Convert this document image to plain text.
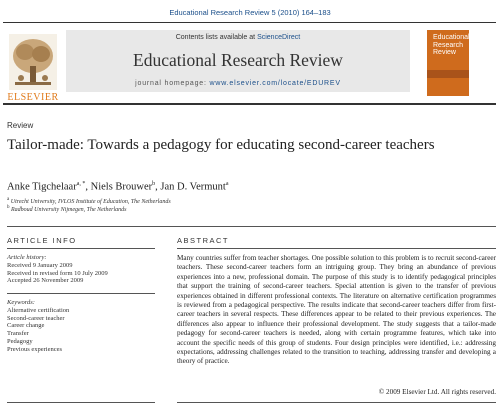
Educational Research Review 5 (2010) 164–183
ELSEVIER
Contents lists available at ScienceDirect
Educational Research Review
journal homepage: www.elsevier.com/locate/EDUREV
Educational Research Review
Review
Tailor-made: Towards a pedagogy for educating second-career teachers
Anke Tigchelaar$^{a, *}$, Niels Brouwer$^b$, Jan D. Vermunt$^a$
$^a$ Utrecht University, IVLOS Institute of Education, The Netherlands
$^b$ Radboud University Nijmegen, The Netherlands
ARTICLE INFO	ABSTRACT
Article history:
Received 9 January 2009
Received in revised form 10 July 2009
Accepted 26 November 2009
Keywords:
Alternative certification
Second-career teacher
Career change
Transfer
Pedagogy
Previous experiences
Many countries suffer from teacher shortages. One possible solution to this problem is to recruit second-career teachers. These second-career teachers form an intriguing group. They bring an abundance of previous experiences into a new, professional domain. The purpose of this study is to identify pedagogical principles that support the training of second-career teachers. Special attention is given to the transfer of previous experiences obtained in different professional contexts. The literature on alternative certification programmes is reviewed from a pedagogical perspective. The results indicate that second-career teachers differ from first-career teachers in several respects. These differences appear to be related to their previous experiences. The differences also appear to influence their professional development. The study suggests that a tailor-made pedagogy for second-career teachers is needed, along with certain programme features, which take into account the specific needs of this group of students. Four design principles were identified, i.e.: addressing expectations, addressing challenges related to the transition to teaching, addressing transfer and developing a theory of practice.
© 2009 Elsevier Ltd. All rights reserved.
